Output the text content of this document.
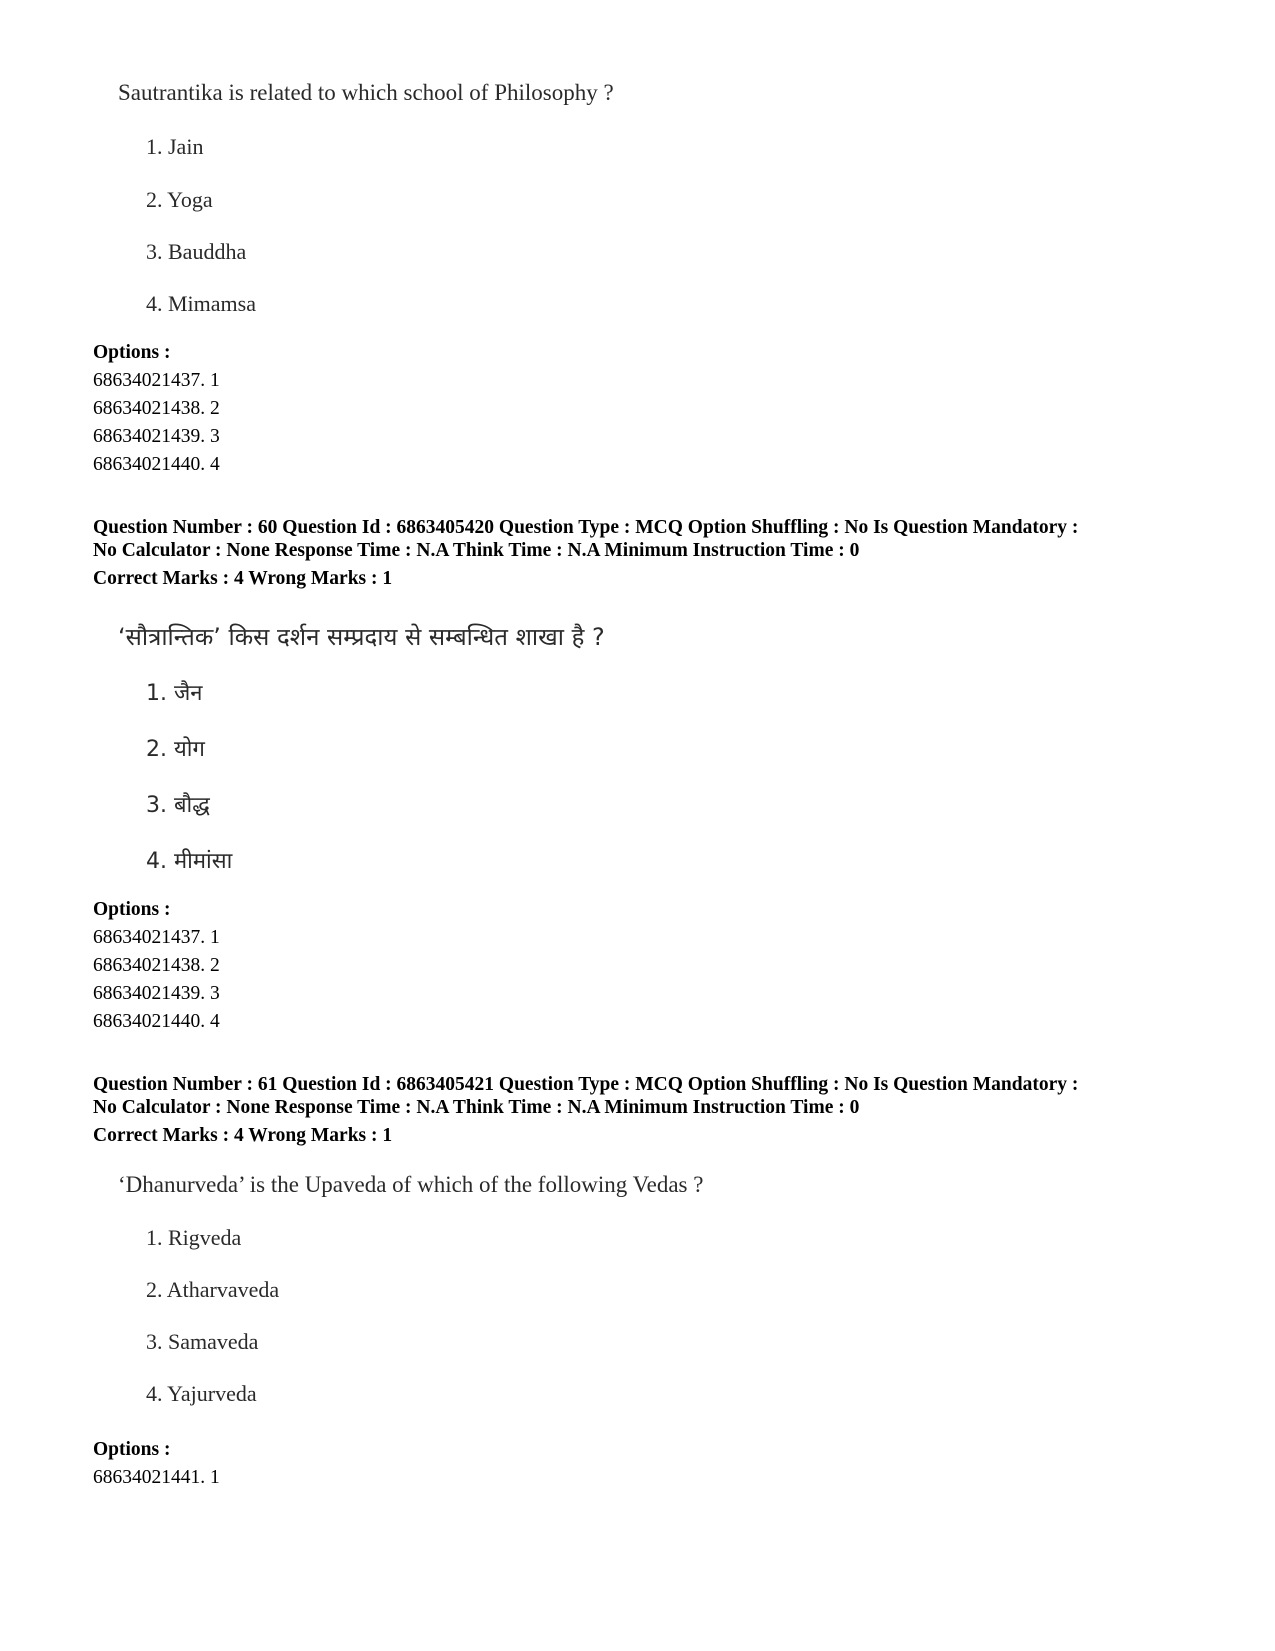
Sautrantika is related to which school of Philosophy ?
1. Jain
2. Yoga
3. Bauddha
4. Mimamsa
Options :
68634021437. 1
68634021438. 2
68634021439. 3
68634021440. 4
Question Number : 60 Question Id : 6863405420 Question Type : MCQ Option Shuffling : No Is Question Mandatory :
No Calculator : None Response Time : N.A Think Time : N.A Minimum Instruction Time : 0
Correct Marks : 4 Wrong Marks : 1
‘सौत्रान्तिक’ किस दर्शन सम्प्रदाय से सम्बन्धित शाखा है ?
1. जैन
2. योग
3. बौद्ध
4. मीमांसा
Options :
68634021437. 1
68634021438. 2
68634021439. 3
68634021440. 4
Question Number : 61 Question Id : 6863405421 Question Type : MCQ Option Shuffling : No Is Question Mandatory :
No Calculator : None Response Time : N.A Think Time : N.A Minimum Instruction Time : 0
Correct Marks : 4 Wrong Marks : 1
‘Dhanurveda’ is the Upaveda of which of the following Vedas ?
1. Rigveda
2. Atharvaveda
3. Samaveda
4. Yajurveda
Options :
68634021441. 1
